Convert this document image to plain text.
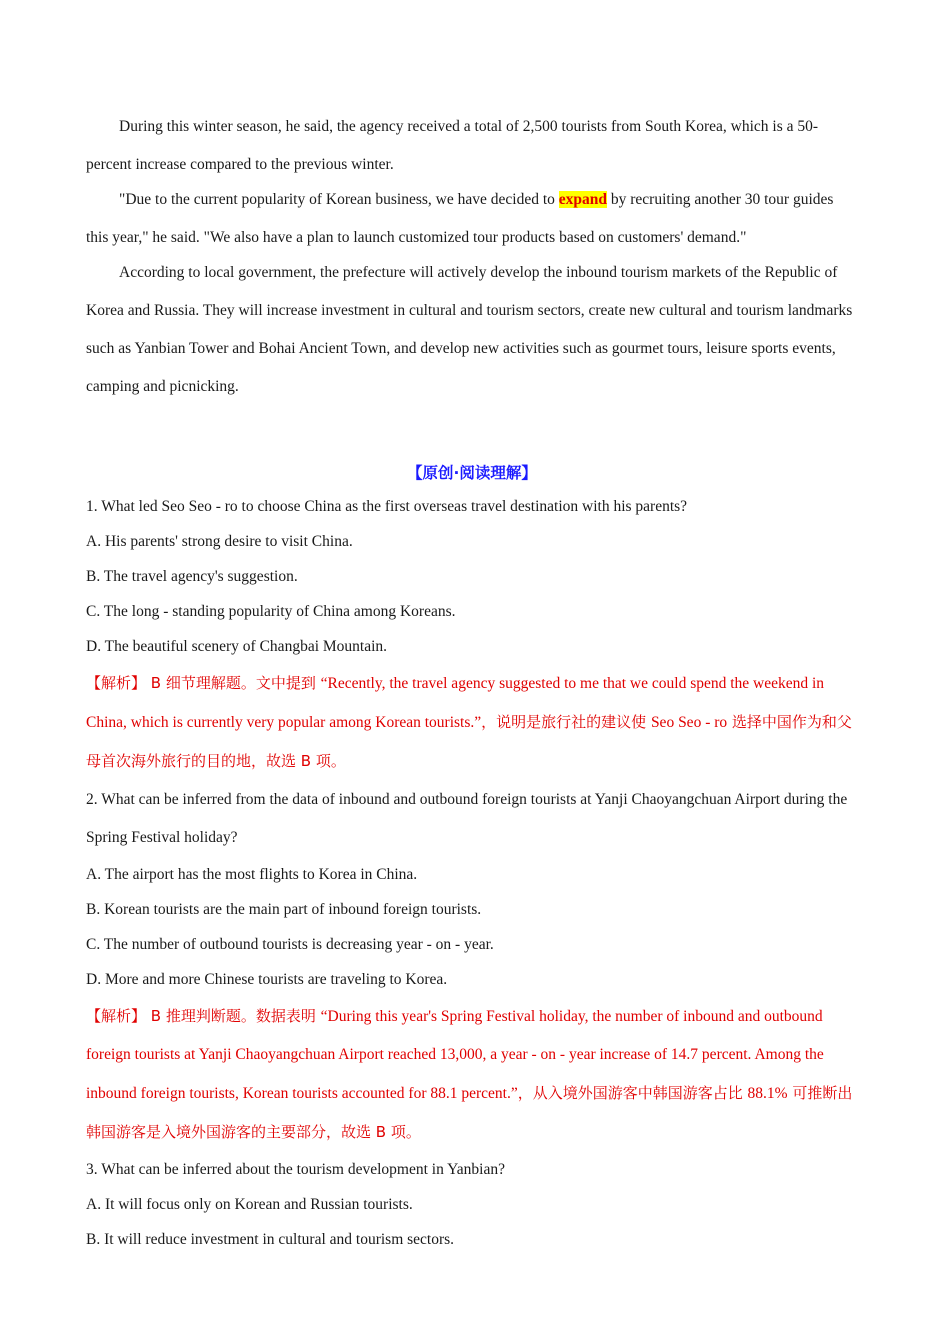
During this winter season, he said, the agency received a total of 2,500 tourists from South Korea, which is a 50-percent increase compared to the previous winter.

"Due to the current popularity of Korean business, we have decided to expand by recruiting another 30 tour guides this year," he said. "We also have a plan to launch customized tour products based on customers' demand."

According to local government, the prefecture will actively develop the inbound tourism markets of the Republic of Korea and Russia. They will increase investment in cultural and tourism sectors, create new cultural and tourism landmarks such as Yanbian Tower and Bohai Ancient Town, and develop new activities such as gourmet tours, leisure sports events, camping and picnicking.

【原创·阅读理解】

1. What led Seo Seo - ro to choose China as the first overseas travel destination with his parents?

A. His parents' strong desire to visit China.

B. The travel agency's suggestion.

C. The long - standing popularity of China among Koreans.

D. The beautiful scenery of Changbai Mountain.

【解析】 B 细节理解题。文中提到 “Recently, the travel agency suggested to me that we could spend the weekend in China, which is currently very popular among Korean tourists.”，说明是旅行社的建议使 Seo Seo - ro 选择中国作为和父母首次海外旅行的目的地，故选 B 项。

2. What can be inferred from the data of inbound and outbound foreign tourists at Yanji Chaoyangchuan Airport during the Spring Festival holiday?

A. The airport has the most flights to Korea in China.

B. Korean tourists are the main part of inbound foreign tourists.

C. The number of outbound tourists is decreasing year - on - year.

D. More and more Chinese tourists are traveling to Korea.

【解析】 B 推理判断题。数据表明 “During this year's Spring Festival holiday, the number of inbound and outbound foreign tourists at Yanji Chaoyangchuan Airport reached 13,000, a year - on - year increase of 14.7 percent. Among the inbound foreign tourists, Korean tourists accounted for 88.1 percent.”，从入境外国游客中韩国游客占比 88.1% 可推断出韩国游客是入境外国游客的主要部分，故选 B 项。

3. What can be inferred about the tourism development in Yanbian?

A. It will focus only on Korean and Russian tourists.

B. It will reduce investment in cultural and tourism sectors.
